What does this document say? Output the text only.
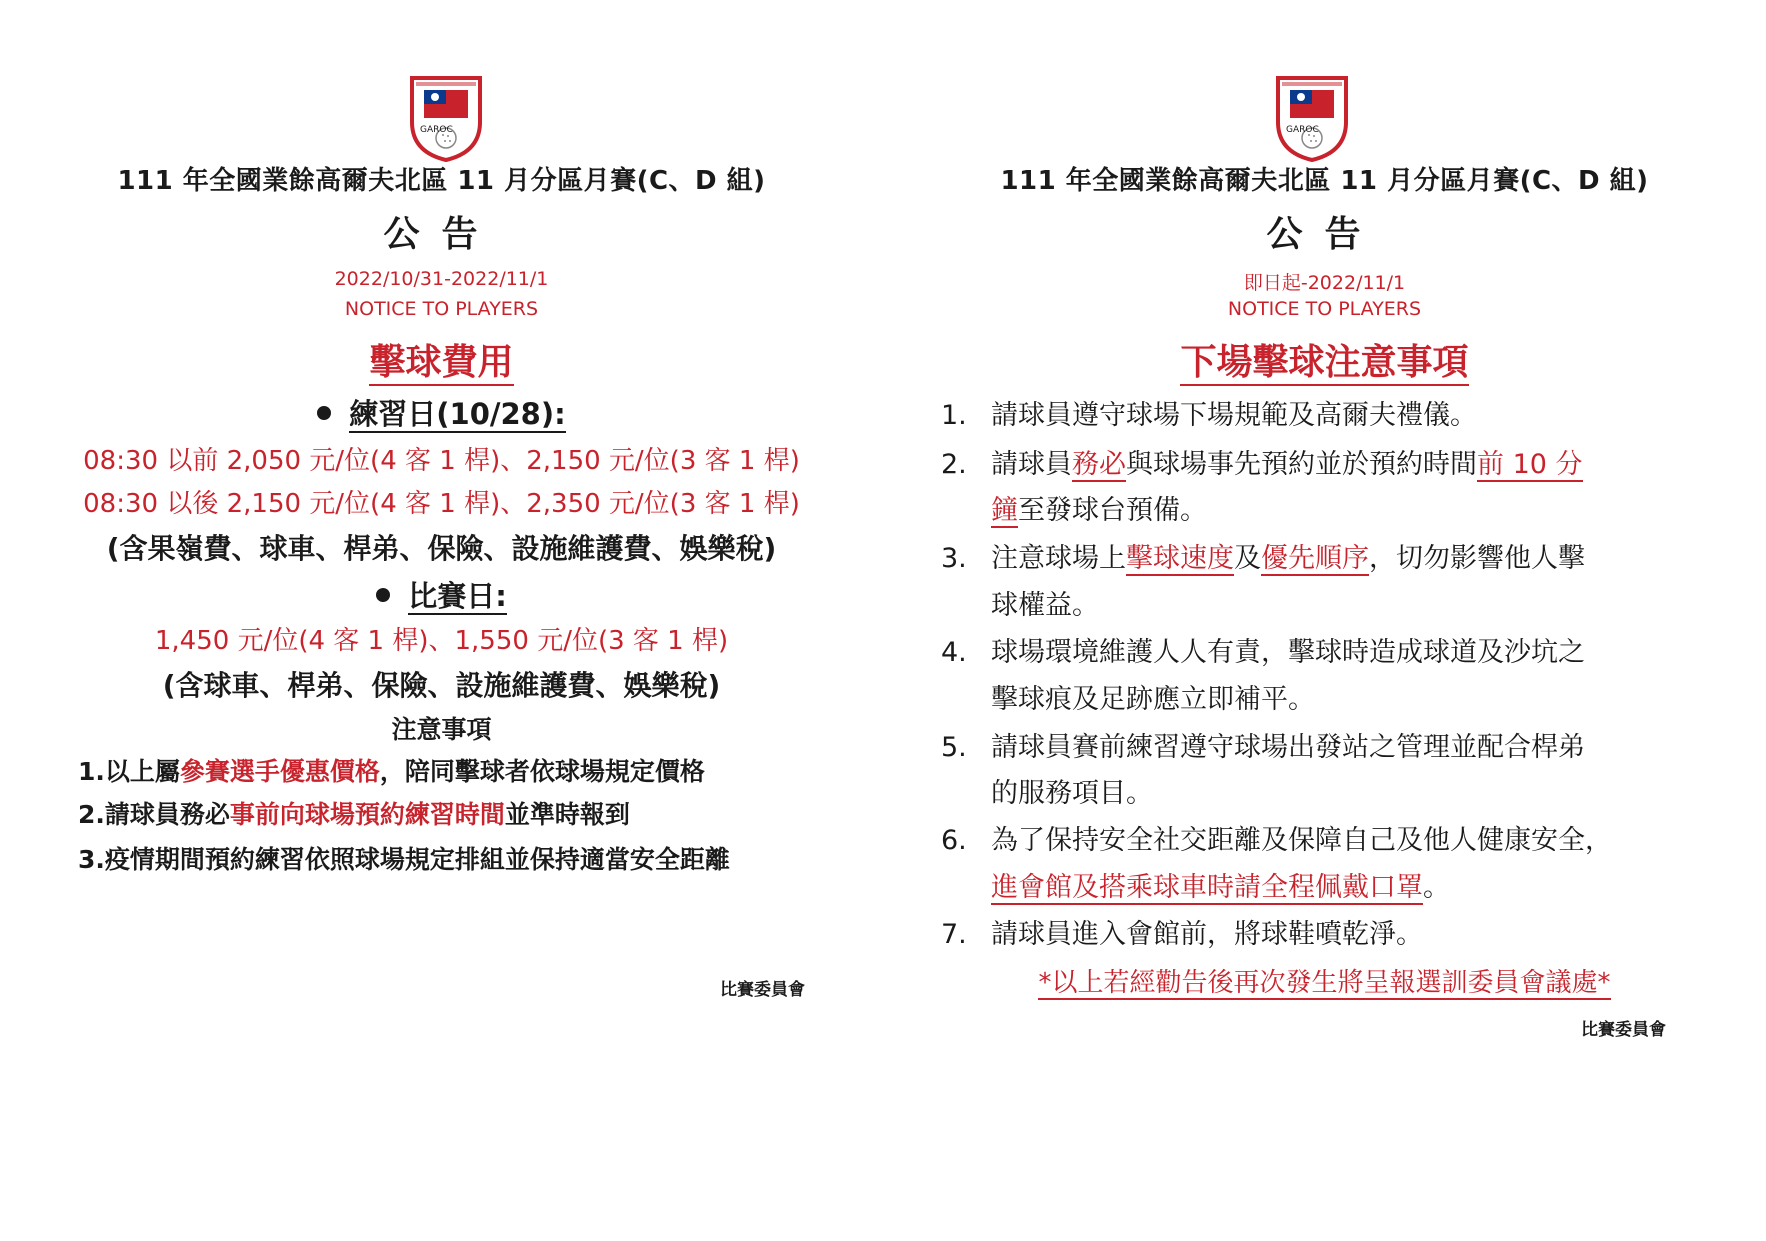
GAROC
111 年全國業餘高爾夫北區 11 月分區月賽(C、D 組)
公告
2022/10/31-2022/11/1
NOTICE TO PLAYERS
擊球費用
練習日(10/28):
08:30 以前 2,050 元/位(4 客 1 桿)、2,150 元/位(3 客 1 桿)
08:30 以後 2,150 元/位(4 客 1 桿)、2,350 元/位(3 客 1 桿)
(含果嶺費、球車、桿弟、保險、設施維護費、娛樂稅)
比賽日:
1,450 元/位(4 客 1 桿)、1,550 元/位(3 客 1 桿)
(含球車、桿弟、保險、設施維護費、娛樂稅)
注意事項
1.以上屬參賽選手優惠價格，陪同擊球者依球場規定價格
2.請球員務必事前向球場預約練習時間並準時報到
3.疫情期間預約練習依照球場規定排組並保持適當安全距離
比賽委員會
GAROC
111 年全國業餘高爾夫北區 11 月分區月賽(C、D 組)
公告
即日起-2022/11/1
NOTICE TO PLAYERS
下場擊球注意事項
1. 請球員遵守球場下場規範及高爾夫禮儀。
2. 請球員務必與球場事先預約並於預約時間前 10 分
鐘至發球台預備。
3. 注意球場上擊球速度及優先順序，切勿影響他人擊
球權益。
4. 球場環境維護人人有責，擊球時造成球道及沙坑之
擊球痕及足跡應立即補平。
5. 請球員賽前練習遵守球場出發站之管理並配合桿弟
的服務項目。
6. 為了保持安全社交距離及保障自己及他人健康安全，
進會館及搭乘球車時請全程佩戴口罩。
7. 請球員進入會館前，將球鞋噴乾淨。
*以上若經勸告後再次發生將呈報選訓委員會議處*
比賽委員會
